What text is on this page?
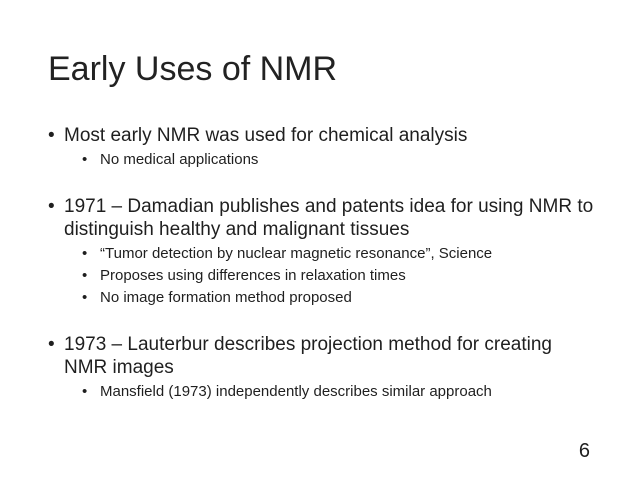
Early Uses of NMR
• Most early NMR was used for chemical analysis
• No medical applications
• 1971 – Damadian publishes and patents idea for using NMR to distinguish healthy and malignant tissues
• “Tumor detection by nuclear magnetic resonance”, Science
• Proposes using differences in relaxation times
• No image formation method proposed
• 1973 – Lauterbur describes projection method for creating NMR images
• Mansfield (1973) independently describes similar approach
6
